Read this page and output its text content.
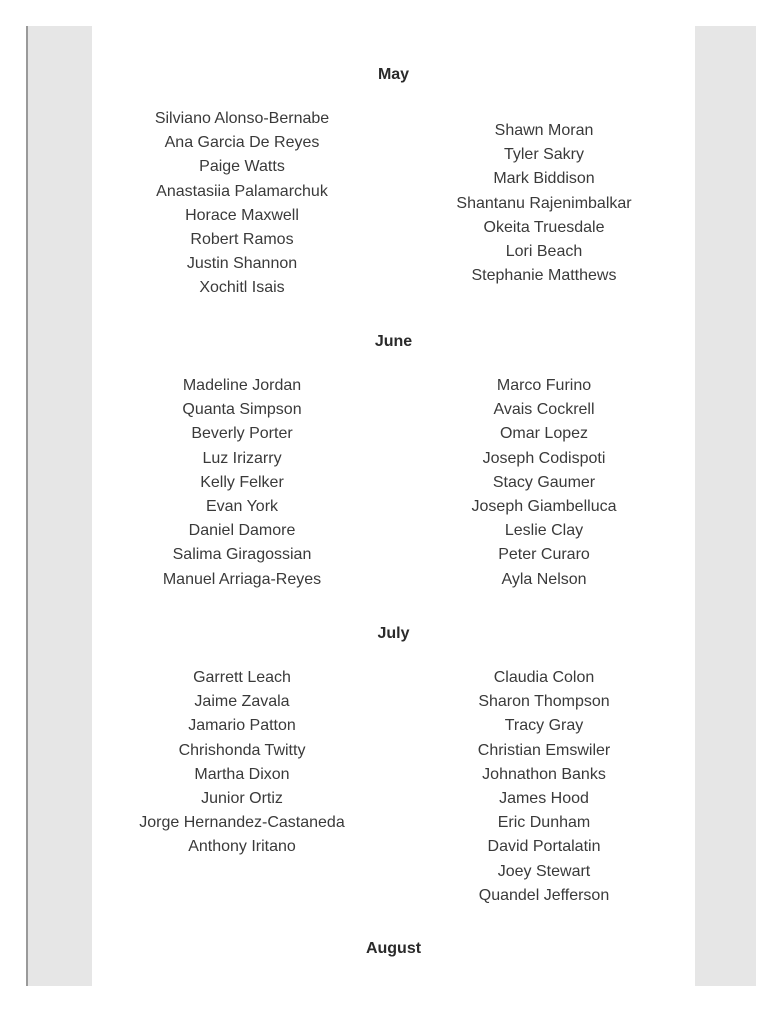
May
Silviano Alonso-Bernabe
Ana Garcia De Reyes
Paige Watts
Anastasiia Palamarchuk
Horace Maxwell
Robert Ramos
Justin Shannon
Xochitl Isais
Shawn Moran
Tyler Sakry
Mark Biddison
Shantanu Rajenimbalkar
Okeita Truesdale
Lori Beach
Stephanie Matthews
June
Madeline Jordan
Quanta Simpson
Beverly Porter
Luz Irizarry
Kelly Felker
Evan York
Daniel Damore
Salima Giragossian
Manuel Arriaga-Reyes
Marco Furino
Avais Cockrell
Omar Lopez
Joseph Codispoti
Stacy Gaumer
Joseph Giambelluca
Leslie Clay
Peter Curaro
Ayla Nelson
July
Garrett Leach
Jaime Zavala
Jamario Patton
Chrishonda Twitty
Martha Dixon
Junior Ortiz
Jorge Hernandez-Castaneda
Anthony Iritano
Claudia Colon
Sharon Thompson
Tracy Gray
Christian Emswiler
Johnathon Banks
James Hood
Eric Dunham
David Portalatin
Joey Stewart
Quandel Jefferson
August
